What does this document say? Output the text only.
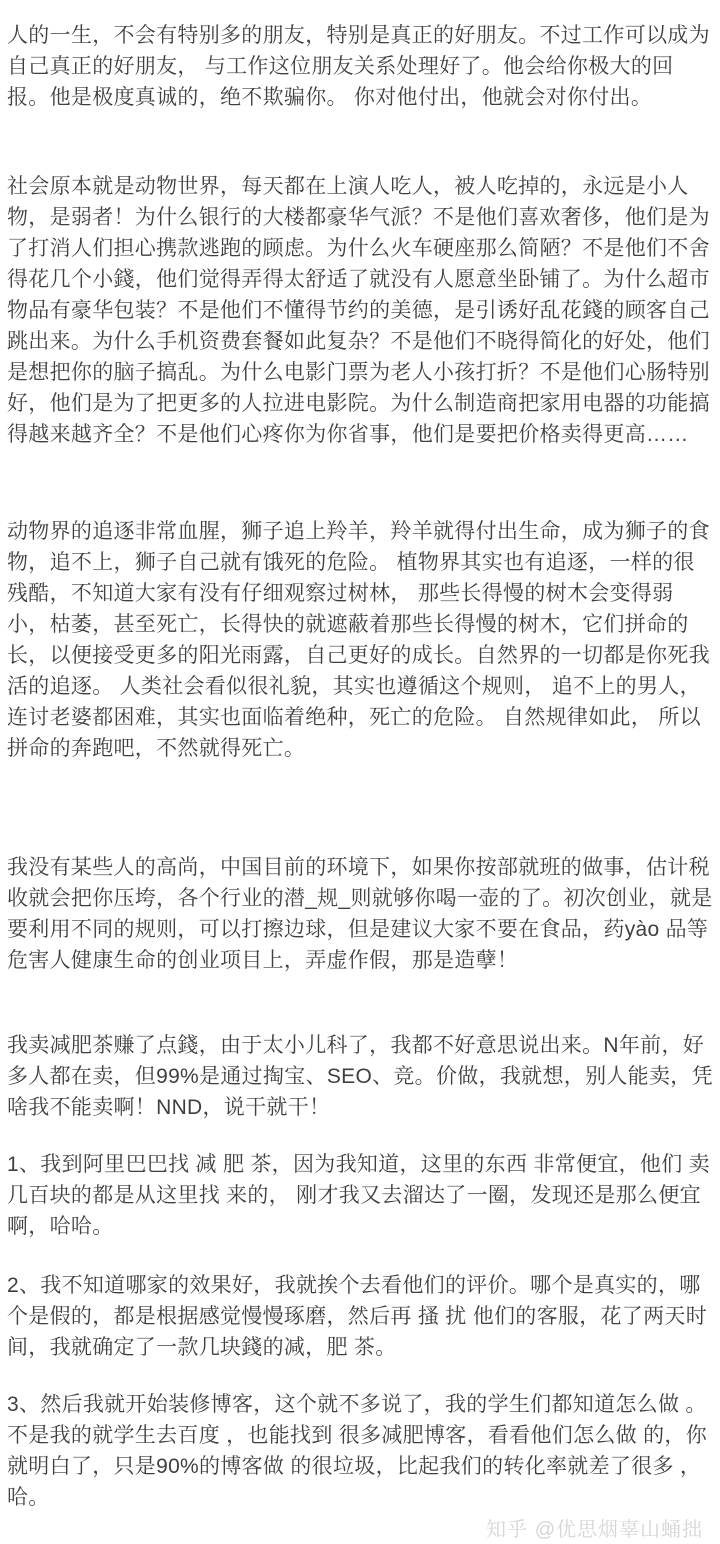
人的一生，不会有特别多的朋友，特别是真正的好朋友。不过工作可以成为自己真正的好朋友， 与工作这位朋友关系处理好了。他会给你极大的回报。他是极度真诚的，绝不欺骗你。 你对他付出，他就会对你付出。

社会原本就是动物世界，每天都在上演人吃人，被人吃掉的，永远是小人物，是弱者！为什么银行的大楼都豪华气派？不是他们喜欢奢侈，他们是为了打消人们担心携款逃跑的顾虑。为什么火车硬座那么简陋？不是他们不舍得花几个小錢，他们觉得弄得太舒适了就没有人愿意坐卧铺了。为什么超市物品有豪华包装？不是他们不懂得节约的美德，是引诱好乱花錢的顾客自己跳出来。为什么手机资费套餐如此复杂？不是他们不晓得简化的好处，他们是想把你的脑子搞乱。为什么电影门票为老人小孩打折？不是他们心肠特别好，他们是为了把更多的人拉进电影院。为什么制造商把家用电器的功能搞得越来越齐全？不是他们心疼你为你省事，他们是要把价格卖得更高……

动物界的追逐非常血腥，狮子追上羚羊，羚羊就得付出生命，成为狮子的食物，追不上，狮子自己就有饿死的危险。 植物界其实也有追逐，一样的很残酷，不知道大家有没有仔细观察过树林， 那些长得慢的树木会变得弱小，枯萎，甚至死亡，长得快的就遮蔽着那些长得慢的树木，它们拼命的长，以便接受更多的阳光雨露，自己更好的成长。自然界的一切都是你死我活的追逐。 人类社会看似很礼貌，其实也遵循这个规则， 追不上的男人，连讨老婆都困难，其实也面临着绝种，死亡的危险。 自然规律如此， 所以拼命的奔跑吧，不然就得死亡。

我没有某些人的高尚，中国目前的环境下，如果你按部就班的做事，估计税 收就会把你压垮，各个行业的潜_规_则就够你喝一壶的了。初次创业，就是要利用不同的规则，可以打擦边球，但是建议大家不要在食品，药yào 品等危害人健康生命的创业项目上，弄虚作假，那是造孽！

我卖减肥茶赚了点錢，由于太小儿科了，我都不好意思说出来。N年前，好多人都在卖，但99%是通过掏宝、SEO、竞。价做，我就想，别人能卖，凭啥我不能卖啊！NND，说干就干！

1、我到阿里巴巴找 减 肥 茶，因为我知道，这里的东西 非常便宜，他们 卖几百块的都是从这里找 来的， 刚才我又去溜达了一圈，发现还是那么便宜啊，哈哈。

2、我不知道哪家的效果好，我就挨个去看他们的评价。哪个是真实的，哪个是假的，都是根据感觉慢慢琢磨，然后再 搔 扰 他们的客服，花了两天时间，我就确定了一款几块錢的减，肥 茶。

3、然后我就开始装修博客，这个就不多说了，我的学生们都知道怎么做 。不是我的就学生去百度 ，也能找到 很多减肥博客，看看他们怎么做 的，你就明白了，只是90%的博客做 的很垃圾，比起我们的转化率就差了很多 ，哈。

知乎 @优思烟辜山蛹拙
